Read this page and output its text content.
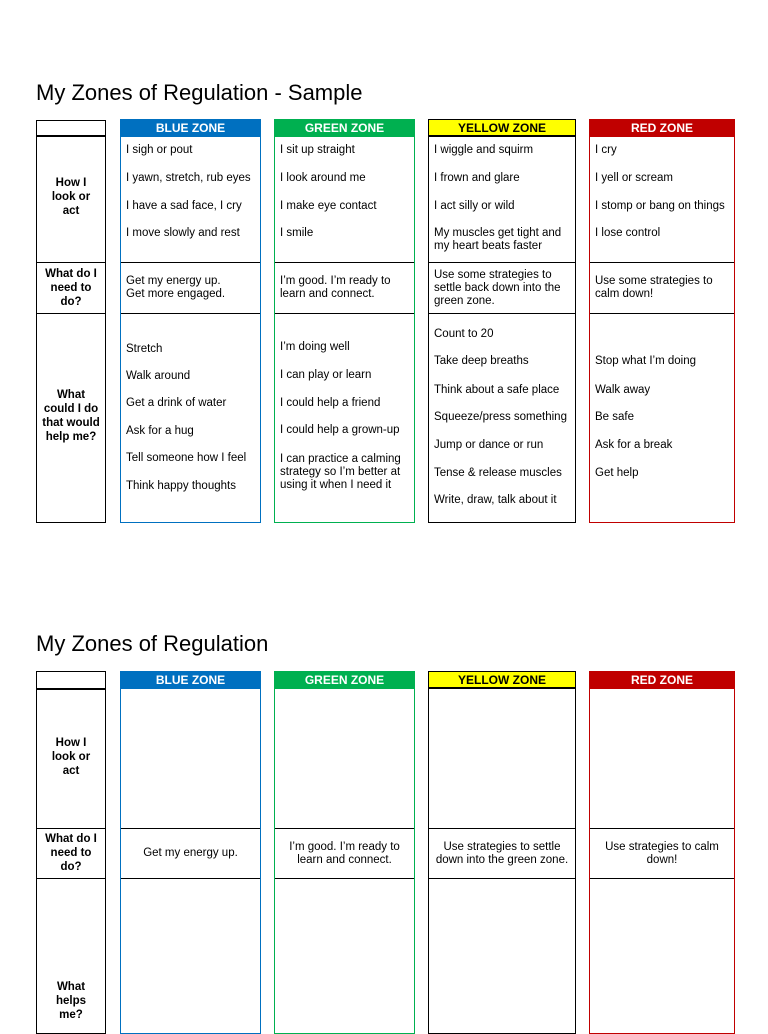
My Zones of Regulation - Sample
How I look or act
What do I need to do?
What could I do that would help me?
BLUE ZONE
I sigh or pout
I yawn, stretch, rub eyes
I have a sad face, I cry
I move slowly and rest
Get my energy up.
Get more engaged.
Stretch
Walk around
Get a drink of water
Ask for a hug
Tell someone how I feel
Think happy thoughts
GREEN ZONE
I sit up straight
I look around me
I make eye contact
I smile
I’m good. I’m ready to learn and connect.
I’m doing well
I can play or learn
I could help a friend
I could help a grown-up
I can practice a calming strategy so I’m better at using it when I need it
YELLOW ZONE
I wiggle and squirm
I frown and glare
I act silly or wild
My muscles get tight and my heart beats faster
Use some strategies to settle back down into the green zone.
Count to 20
Take deep breaths
Think about a safe place
Squeeze/press something
Jump or dance or run
Tense & release muscles
Write, draw, talk about it
RED ZONE
I cry
I yell or scream
I stomp or bang on things
I lose control
Use some strategies to calm down!
Stop what I’m doing
Walk away
Be safe
Ask for a break
Get help
My Zones of Regulation
How I look or act
What do I need to do?
What helps me?
BLUE ZONE
Get my energy up.
GREEN ZONE
I’m good. I’m ready to learn and connect.
YELLOW ZONE
Use strategies to settle down into the green zone.
RED ZONE
Use strategies to calm down!
